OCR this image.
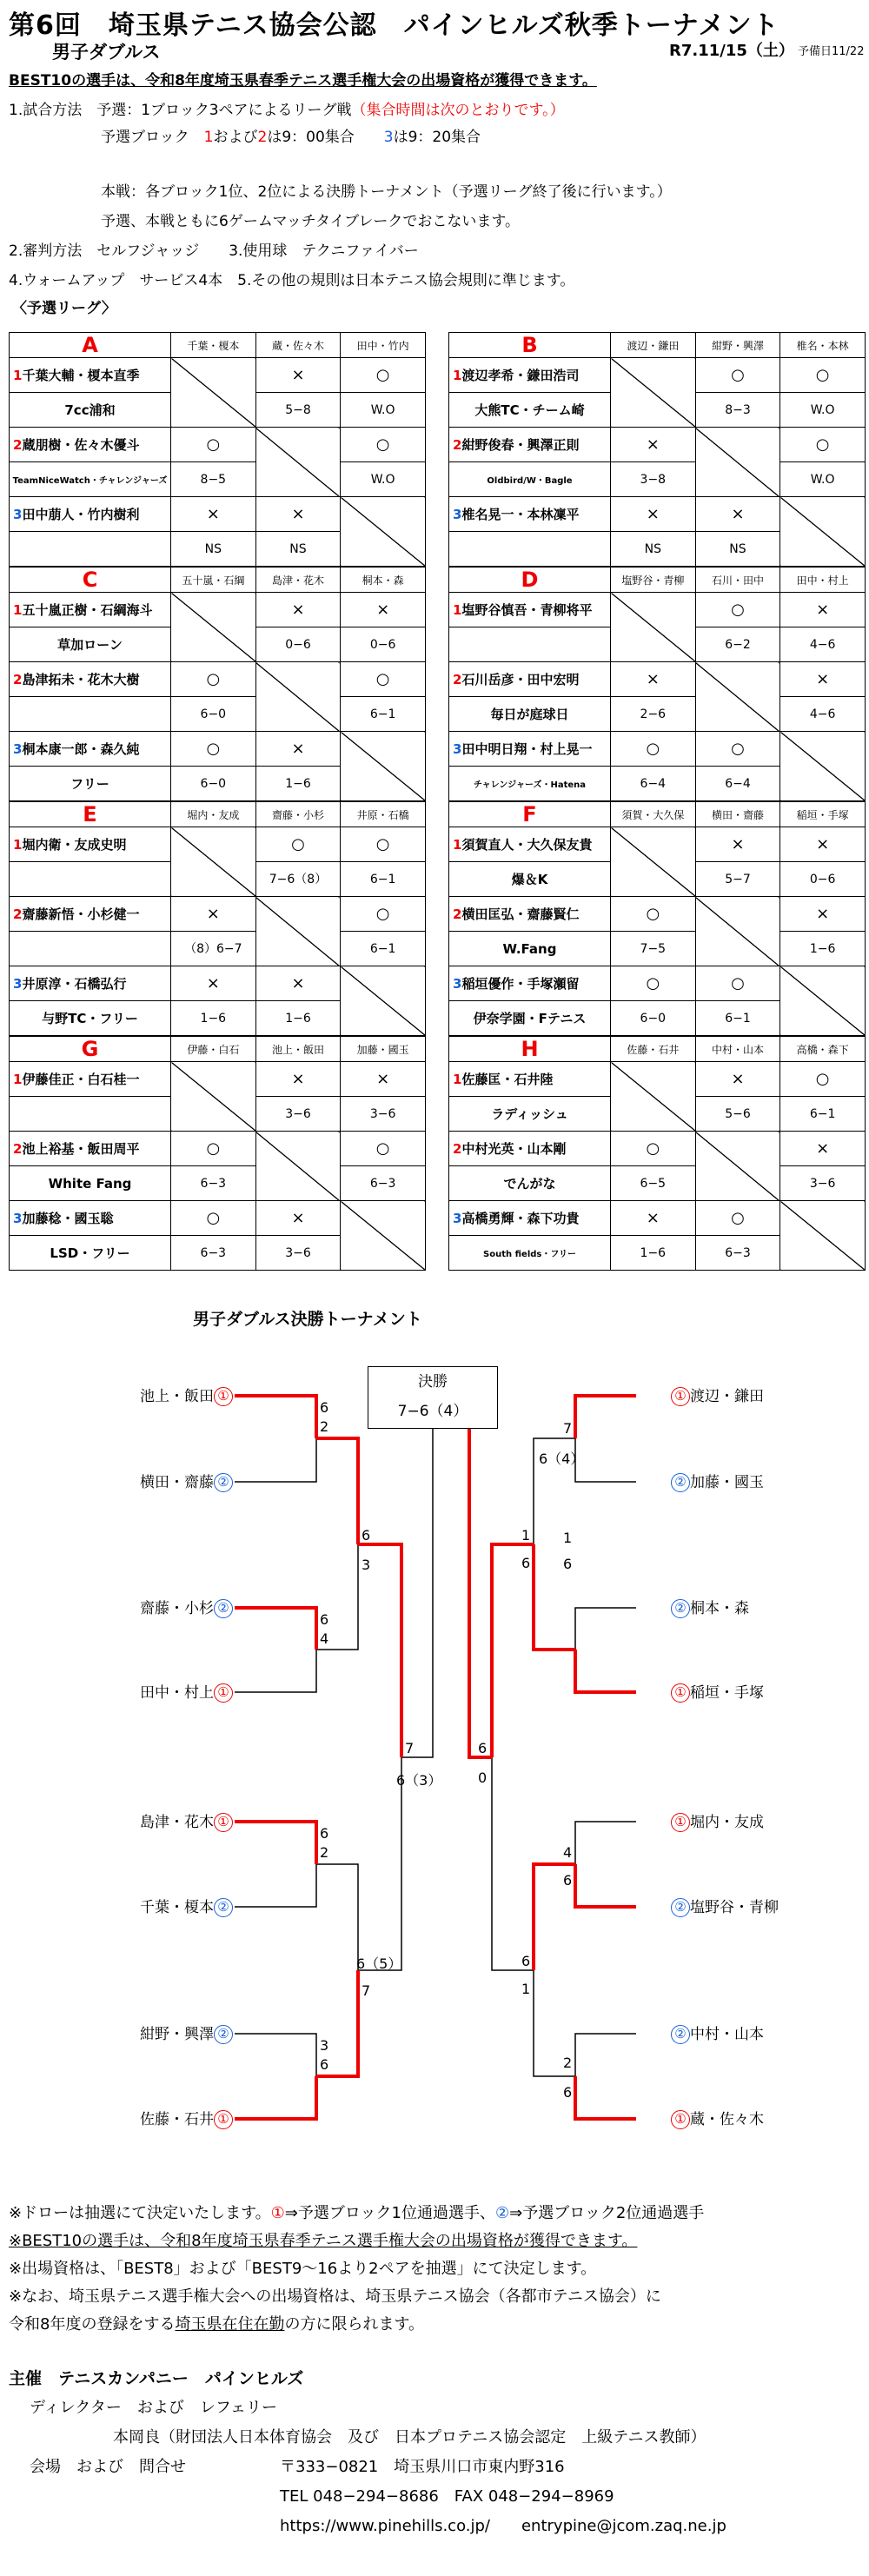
第6回　埼玉県テニス協会公認　パインヒルズ秋季トーナメント
男子ダブルス	R7.11/15（土） 予備日11/22
BEST10の選手は、令和8年度埼玉県春季テニス選手権大会の出場資格が獲得できます。
1.試合方法　予選：1ブロック3ペアによるリーグ戦（集合時間は次のとおりです。）
予選ブロック　 1および2は9：00集合　　 3は9：20集合
本戦：各ブロック1位、2位による決勝トーナメント（予選リーグ終了後に行います。）
予選、本戦ともに6ゲームマッチタイブレークでおこないます。
2.審判方法　セルフジャッジ　　3.使用球　テクニファイバー
4.ウォームアップ　サービス4本　5.その他の規則は日本テニス協会規則に準じます。
〈予選リーグ〉
A	千葉・榎本	蔵・佐々木	田中・竹内
1千葉大輔・榎本直季		×	○
7cc浦和		5−8	W.O
2蔵朋樹・佐々木優斗	○		○
TeamNiceWatch・チャレンジャーズ	8−5		W.O
3田中萠人・竹内樹利	×	×	
	NS	NS	
B	渡辺・鎌田	紺野・興澤	椎名・本林
1渡辺孝希・鎌田浩司		○	○
大熊TC・チーム崎		8−3	W.O
2紺野俊春・興澤正則	×		○
Oldbird/W・Bagle	3−8		W.O
3椎名晃一・本林凜平	×	×	
	NS	NS	
C	五十嵐・石綱	島津・花木	桐本・森
1五十嵐正樹・石綱海斗		×	×
草加ローン		0−6	0−6
2島津拓未・花木大樹	○		○
	6−0		6−1
3桐本康一郎・森久純	○	×	
フリー	6−0	1−6	
D	塩野谷・青柳	石川・田中	田中・村上
1塩野谷慎吾・青柳将平		○	×
		6−2	4−6
2石川岳彦・田中宏明	×		×
毎日が庭球日	2−6		4−6
3田中明日翔・村上晃一	○	○	
チャレンジャーズ・Hatena	6−4	6−4	
E	堀内・友成	齋藤・小杉	井原・石橋
1堀内衛・友成史明		○	○
		7−6（8）	6−1
2齋藤新悟・小杉健一	×		○
	（8）6−7		6−1
3井原淳・石橋弘行	×	×	
与野TC・フリー	1−6	1−6	
F	須賀・大久保	横田・齋藤	稲垣・手塚
1須賀直人・大久保友貴		×	×
爆＆K		5−7	0−6
2横田匡弘・齋藤賢仁	○		×
W.Fang	7−5		1−6
3稲垣優作・手塚瀬留	○	○	
伊奈学園・Fテニス	6−0	6−1	
G	伊藤・白石	池上・飯田	加藤・國玉
1伊藤佳正・白石桂一		×	×
		3−6	3−6
2池上裕基・飯田周平	○		○
White Fang	6−3		6−3
3加藤稔・國玉聡	○	×	
LSD・フリー	6−3	3−6	
H	佐藤・石井	中村・山本	高橋・森下
1佐藤匡・石井陸		×	○
ラディッシュ		5−6	6−1
2中村光英・山本剛	○		×
でんがな	6−5		3−6
3高橋勇輝・森下功貴	×	○	
South fields・フリー	1−6	6−3	
男子ダブルス決勝トーナメント
決勝
7−6（4）
池上・飯田 ①
横田・齋藤 ②
齋藤・小杉 ②
田中・村上 ①
島津・花木 ①
千葉・榎本 ②
紺野・興澤 ②
佐藤・石井 ①
① 渡辺・鎌田
② 加藤・國玉
② 桐本・森
① 稲垣・手塚
① 堀内・友成
② 塩野谷・青柳
② 中村・山本
① 蔵・佐々木
6
2
6
4
6
2
3
6
6
3
6（5）
7
7
6（3）
7
6（4）
1
6
4
6
2
6
1
6
6
1
6
0
※ドローは抽選にて決定いたします。①⇒予選ブロック1位通過選手、②⇒予選ブロック2位通過選手
※BEST10の選手は、令和8年度埼玉県春季テニス選手権大会の出場資格が獲得できます。
※出場資格は、「BEST8」および「BEST9～16より2ペアを抽選」にて決定します。
※なお、埼玉県テニス選手権大会への出場資格は、埼玉県テニス協会（各都市テニス協会）に
令和8年度の登録をする埼玉県在住在勤の方に限られます。
主催　テニスカンパニー　パインヒルズ
ディレクター　および　レフェリー
本岡良（財団法人日本体育協会　及び　日本プロテニス協会認定　上級テニス教師）
会場　および　問合せ	〒333−0821　埼玉県川口市東内野316
TEL 048−294−8686　FAX 048−294−8969
https://www.pinehills.co.jp/　　entrypine@jcom.zaq.ne.jp
